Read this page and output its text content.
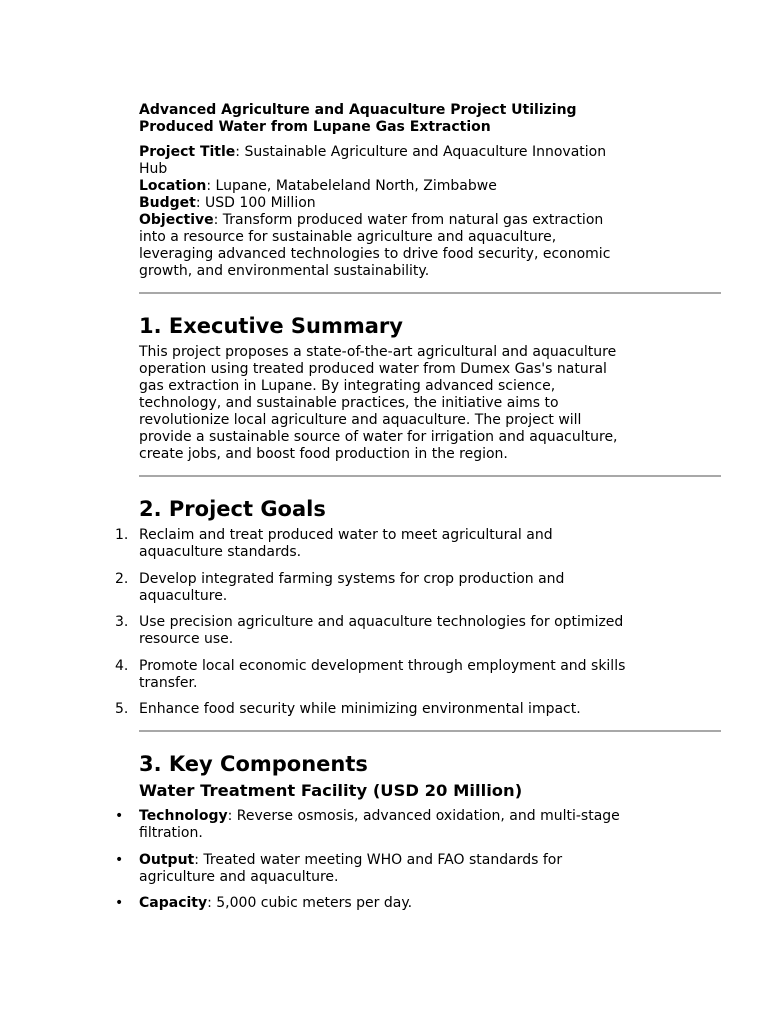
Advanced Agriculture and Aquaculture Project Utilizing
Produced Water from Lupane Gas Extraction

Project Title: Sustainable Agriculture and Aquaculture Innovation Hub

Location: Lupane, Matabeleland North, Zimbabwe

Budget: USD 100 Million

Objective: Transform produced water from natural gas extraction into a resource for sustainable agriculture and aquaculture, leveraging advanced technologies to drive food security, economic growth, and environmental sustainability.

1. Executive Summary

This project proposes a state-of-the-art agricultural and aquaculture operation using treated produced water from Dumex Gas's natural gas extraction in Lupane. By integrating advanced science, technology, and sustainable practices, the initiative aims to revolutionize local agriculture and aquaculture. The project will provide a sustainable source of water for irrigation and aquaculture, create jobs, and boost food production in the region.

2. Project Goals
1. Reclaim and treat produced water to meet agricultural and aquaculture standards.
2. Develop integrated farming systems for crop production and aquaculture.
3. Use precision agriculture and aquaculture technologies for optimized resource use.
4. Promote local economic development through employment and skills transfer.
5. Enhance food security while minimizing environmental impact.
3. Key Components
Water Treatment Facility (USD 20 Million)
• Technology: Reverse osmosis, advanced oxidation, and multi-stage filtration.
• Output: Treated water meeting WHO and FAO standards for agriculture and aquaculture.
• Capacity: 5,000 cubic meters per day.
